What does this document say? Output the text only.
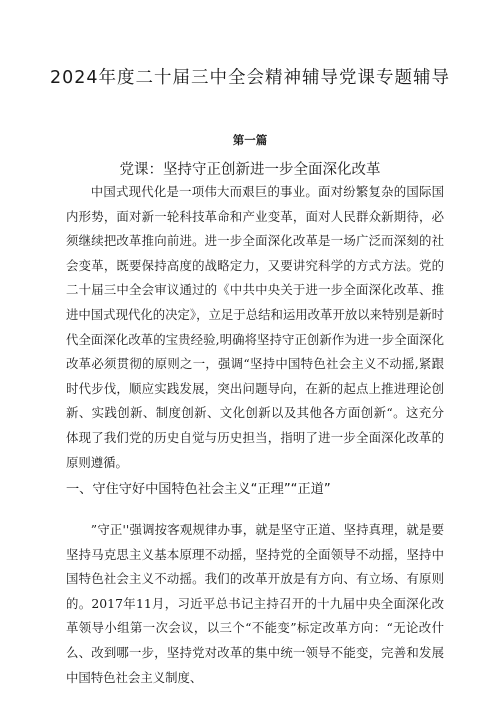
2024年度二十届三中全会精神辅导党课专题辅导
第一篇
党课：坚持守正创新进一步全面深化改革

中国式现代化是一项伟大而艰巨的事业。面对纷繁复杂的国际国内形势，面对新一轮科技革命和产业变革，面对人民群众新期待，必须继续把改革推向前进。进一步全面深化改革是一场广泛而深刻的社会变革，既要保持高度的战略定力，又要讲究科学的方式方法。党的二十届三中全会审议通过的《中共中央关于进一步全面深化改革、推进中国式现代化的决定》，立足于总结和运用改革开放以来特别是新时代全面深化改革的宝贵经验,明确将坚持守正创新作为进一步全面深化改革必须贯彻的原则之一，强调“坚持中国特色社会主义不动摇,紧跟时代步伐，顺应实践发展，突出问题导向，在新的起点上推进理论创新、实践创新、制度创新、文化创新以及其他各方面创新“。这充分体现了我们党的历史自觉与历史担当，指明了进一步全面深化改革的原则遵循。

一、守住守好中国特色社会主义“正理”“正道”

”守正''强调按客观规律办事，就是坚守正道、坚持真理，就是要坚持马克思主义基本原理不动摇，坚持党的全面领导不动摇，坚持中国特色社会主义不动摇。我们的改革开放是有方向、有立场、有原则的。2017年11月，习近平总书记主持召开的十九届中央全面深化改革领导小组第一次会议，以三个“不能变”标定改革方向：“无论改什么、改到哪一步，坚持党对改革的集中统一领导不能变，完善和发展中国特色社会主义制度、
